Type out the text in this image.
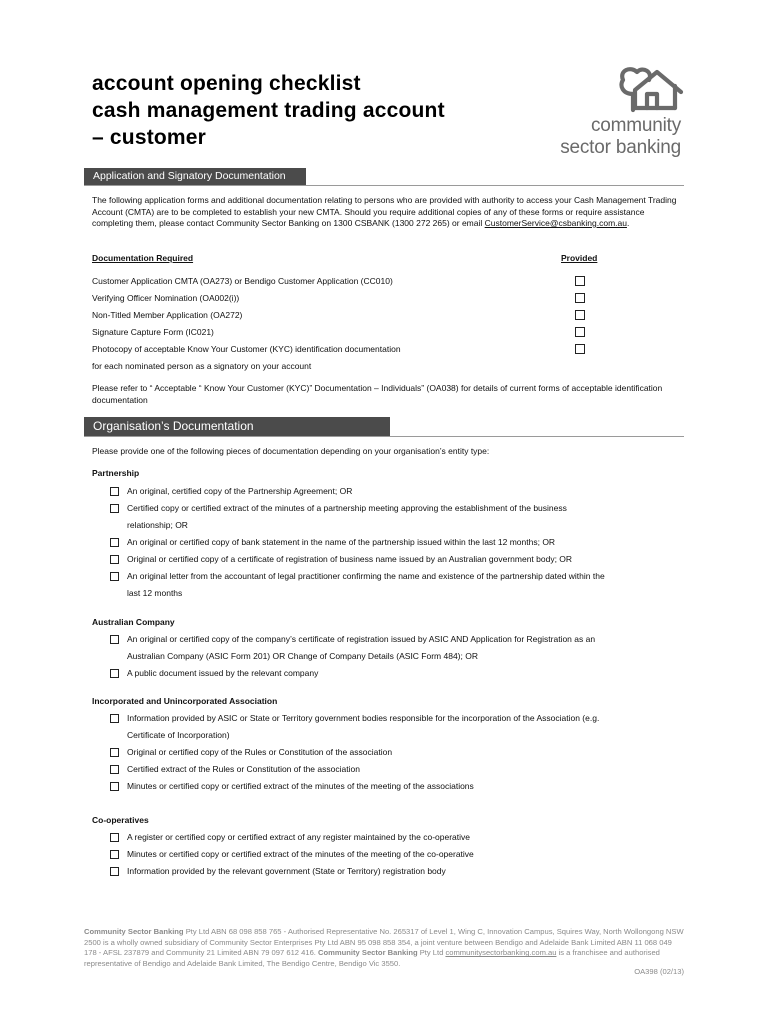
account opening checklist
cash management trading account
– customer
community
sector banking
Application and Signatory Documentation
The following application forms and additional documentation relating to persons who are provided with authority to access your Cash Management Trading Account (CMTA) are to be completed to establish your new CMTA. Should you require additional copies of any of these forms or require assistance completing them, please contact Community Sector Banking on 1300 CSBANK (1300 272 265) or email CustomerService@csbanking.com.au.
Documentation Required	Provided
Customer Application CMTA (OA273) or Bendigo Customer Application (CC010)
Verifying Officer Nomination (OA002(i))
Non-Titled Member Application (OA272)
Signature Capture Form (IC021)
Photocopy of acceptable Know Your Customer (KYC) identification documentation
for each nominated person as a signatory on your account
Please refer to “ Acceptable “ Know Your Customer (KYC)” Documentation – Individuals” (OA038) for details of current forms of acceptable identification documentation
Organisation’s Documentation
Please provide one of the following pieces of documentation depending on your organisation’s entity type:
Partnership
An original, certified copy of the Partnership Agreement; OR
Certified copy or certified extract of the minutes of a partnership meeting approving the establishment of the business
relationship; OR
An original or certified copy of bank statement in the name of the partnership issued within the last 12 months; OR
Original or certified copy of a certificate of registration of business name issued by an Australian government body; OR
An original letter from the accountant of legal practitioner confirming the name and existence of the partnership dated within the
last 12 months
Australian Company
An original or certified copy of the company’s certificate of registration issued by ASIC AND Application for Registration as an
Australian Company (ASIC Form 201) OR Change of Company Details (ASIC Form 484); OR
A public document issued by the relevant company
Incorporated and Unincorporated Association
Information provided by ASIC or State or Territory government bodies responsible for the incorporation of the Association (e.g.
Certificate of Incorporation)
Original or certified copy of the Rules or Constitution of the association
Certified extract of the Rules or Constitution of the association
Minutes or certified copy or certified extract of the minutes of the meeting of the associations
Co-operatives
A register or certified copy or certified extract of any register maintained by the co-operative
Minutes or certified copy or certified extract of the minutes of the meeting of the co-operative
Information provided by the relevant government (State or Territory) registration body
Community Sector Banking Pty Ltd ABN 68 098 858 765 - Authorised Representative No. 265317 of Level 1, Wing C, Innovation Campus, Squires Way, North Wollongong NSW 2500 is a wholly owned subsidiary of Community Sector Enterprises Pty Ltd ABN 95 098 858 354, a joint venture between Bendigo and Adelaide Bank Limited ABN 11 068 049 178 - AFSL 237879 and Community 21 Limited ABN 79 097 612 416. Community Sector Banking Pty Ltd communitysectorbanking.com.au is a franchisee and authorised representative of Bendigo and Adelaide Bank Limited, The Bendigo Centre, Bendigo Vic 3550.
OA398 (02/13)
